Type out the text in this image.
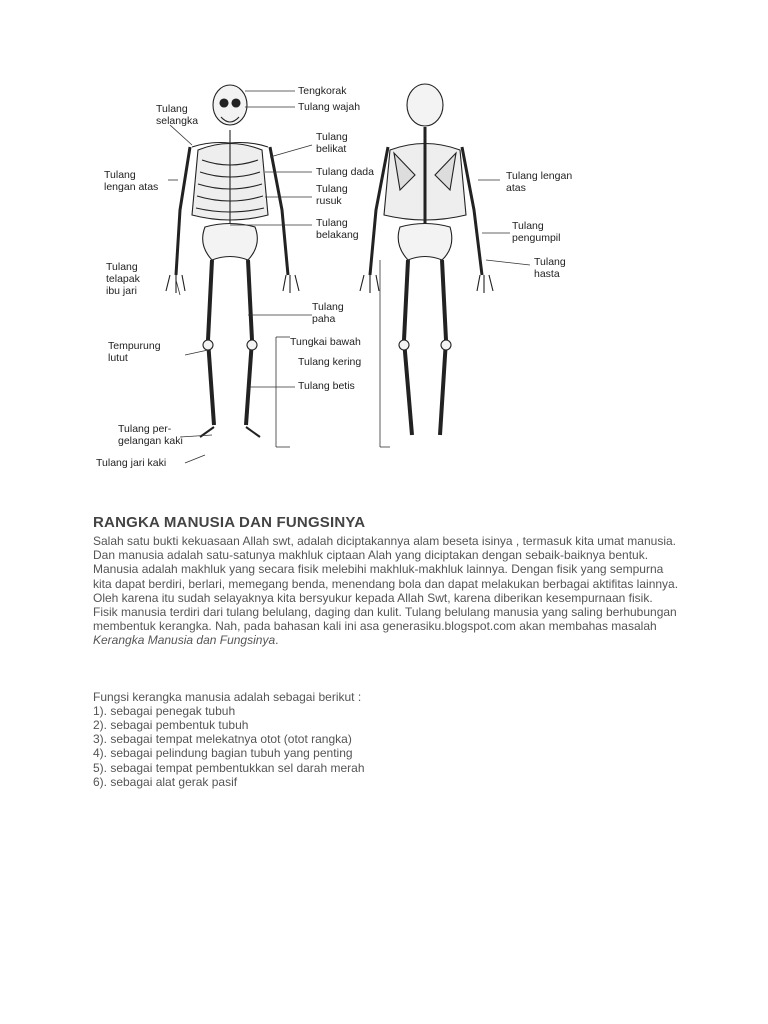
Tengkorak
Tulang wajah
Tulang
selangka
Tulang
belikat
Tulang dada
Tulang
rusuk
Tulang
lengan atas
Tulang
belakang
Tulang
telapak
ibu jari
Tulang
paha
Tempurung
lutut
Tungkai bawah
Tulang kering
Tulang betis
Tulang per-
gelangan kaki
Tulang jari kaki
Tulang lengan
atas
Tulang
pengumpil
Tulang
hasta
RANGKA MANUSIA DAN FUNGSINYA

Salah satu bukti kekuasaan Allah swt, adalah diciptakannya alam beseta isinya , termasuk kita umat manusia. Dan manusia adalah satu-satunya makhluk ciptaan Alah yang diciptakan dengan sebaik-baiknya bentuk. Manusia adalah makhluk yang secara fisik melebihi makhluk-makhluk lainnya. Dengan fisik yang sempurna kita dapat berdiri, berlari, memegang benda, menendang bola dan dapat melakukan berbagai aktifitas lainnya. Oleh karena itu sudah selayaknya kita bersyukur kepada Allah Swt, karena diberikan kesempurnaan fisik.

Fisik manusia terdiri dari tulang belulang, daging dan kulit. Tulang belulang manusia yang saling berhubungan membentuk kerangka. Nah, pada bahasan kali ini asa generasiku.blogspot.com akan membahas masalah Kerangka Manusia dan Fungsinya.

Fungsi kerangka manusia adalah sebagai berikut :

1). sebagai penegak tubuh
2). sebagai pembentuk tubuh
3). sebagai tempat melekatnya otot (otot rangka)
4). sebagai pelindung bagian tubuh yang penting
5). sebagai tempat pembentukkan sel darah merah
6). sebagai alat gerak pasif
